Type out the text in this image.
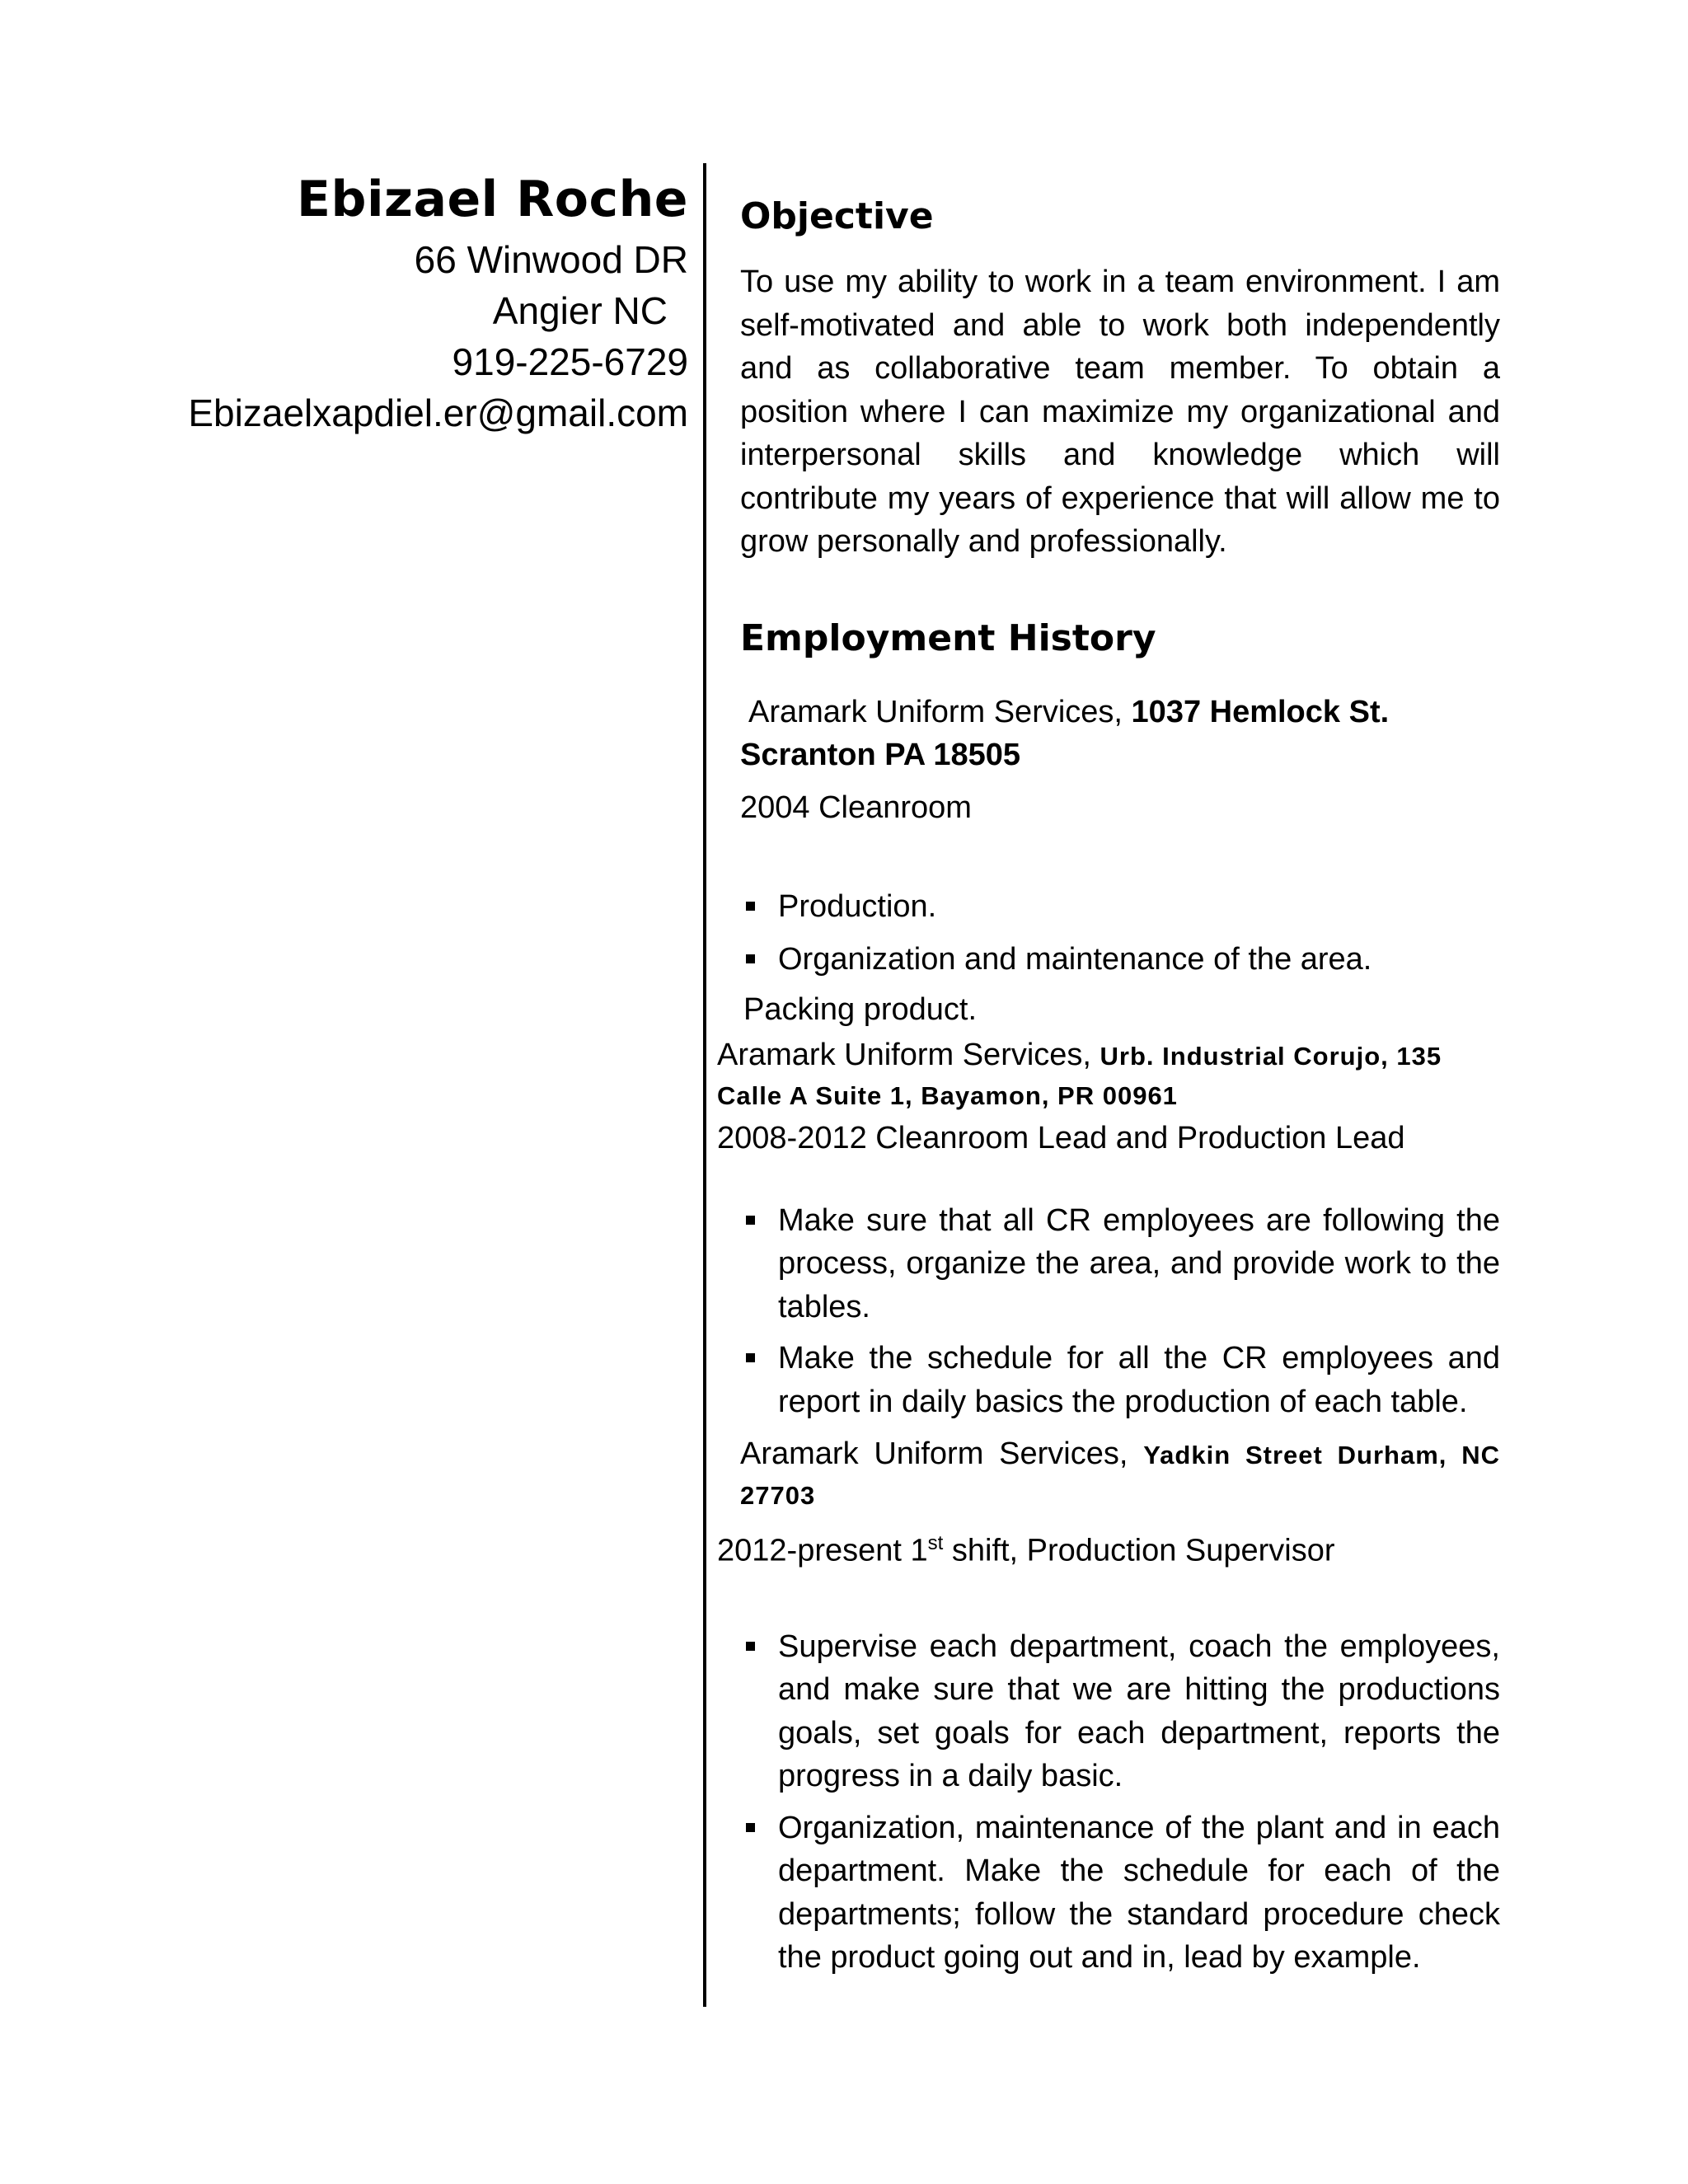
Ebizael Roche

66 Winwood DR

Angier NC

919-225-6729

Ebizaelxapdiel.er@gmail.com

Objective

To use my ability to work in a team environment. I am self-motivated and able to work both independently and as collaborative team member. To obtain a position where I can maximize my organizational and interpersonal skills and knowledge which will contribute my years of experience that will allow me to grow personally and professionally.

Employment History

Aramark Uniform Services, 1037 Hemlock St.
Scranton PA 18505

2004 Cleanroom

Production.
Organization and maintenance of the area.

Packing product.

Aramark Uniform Services, Urb. Industrial Corujo, 135
Calle A Suite 1, Bayamon, PR 00961

2008-2012 Cleanroom Lead and Production Lead

Make sure that all CR employees are following the process, organize the area, and provide work to the tables.
Make the schedule for all the CR employees and report in daily basics the production of each table.

Aramark Uniform Services, Yadkin Street Durham, NC

27703

2012-present 1st shift, Production Supervisor

Supervise each department, coach the employees, and make sure that we are hitting the productions goals, set goals for each department, reports the progress in a daily basic.
Organization, maintenance of the plant and in each department. Make the schedule for each of the departments; follow the standard procedure check the product going out and in, lead by example.
